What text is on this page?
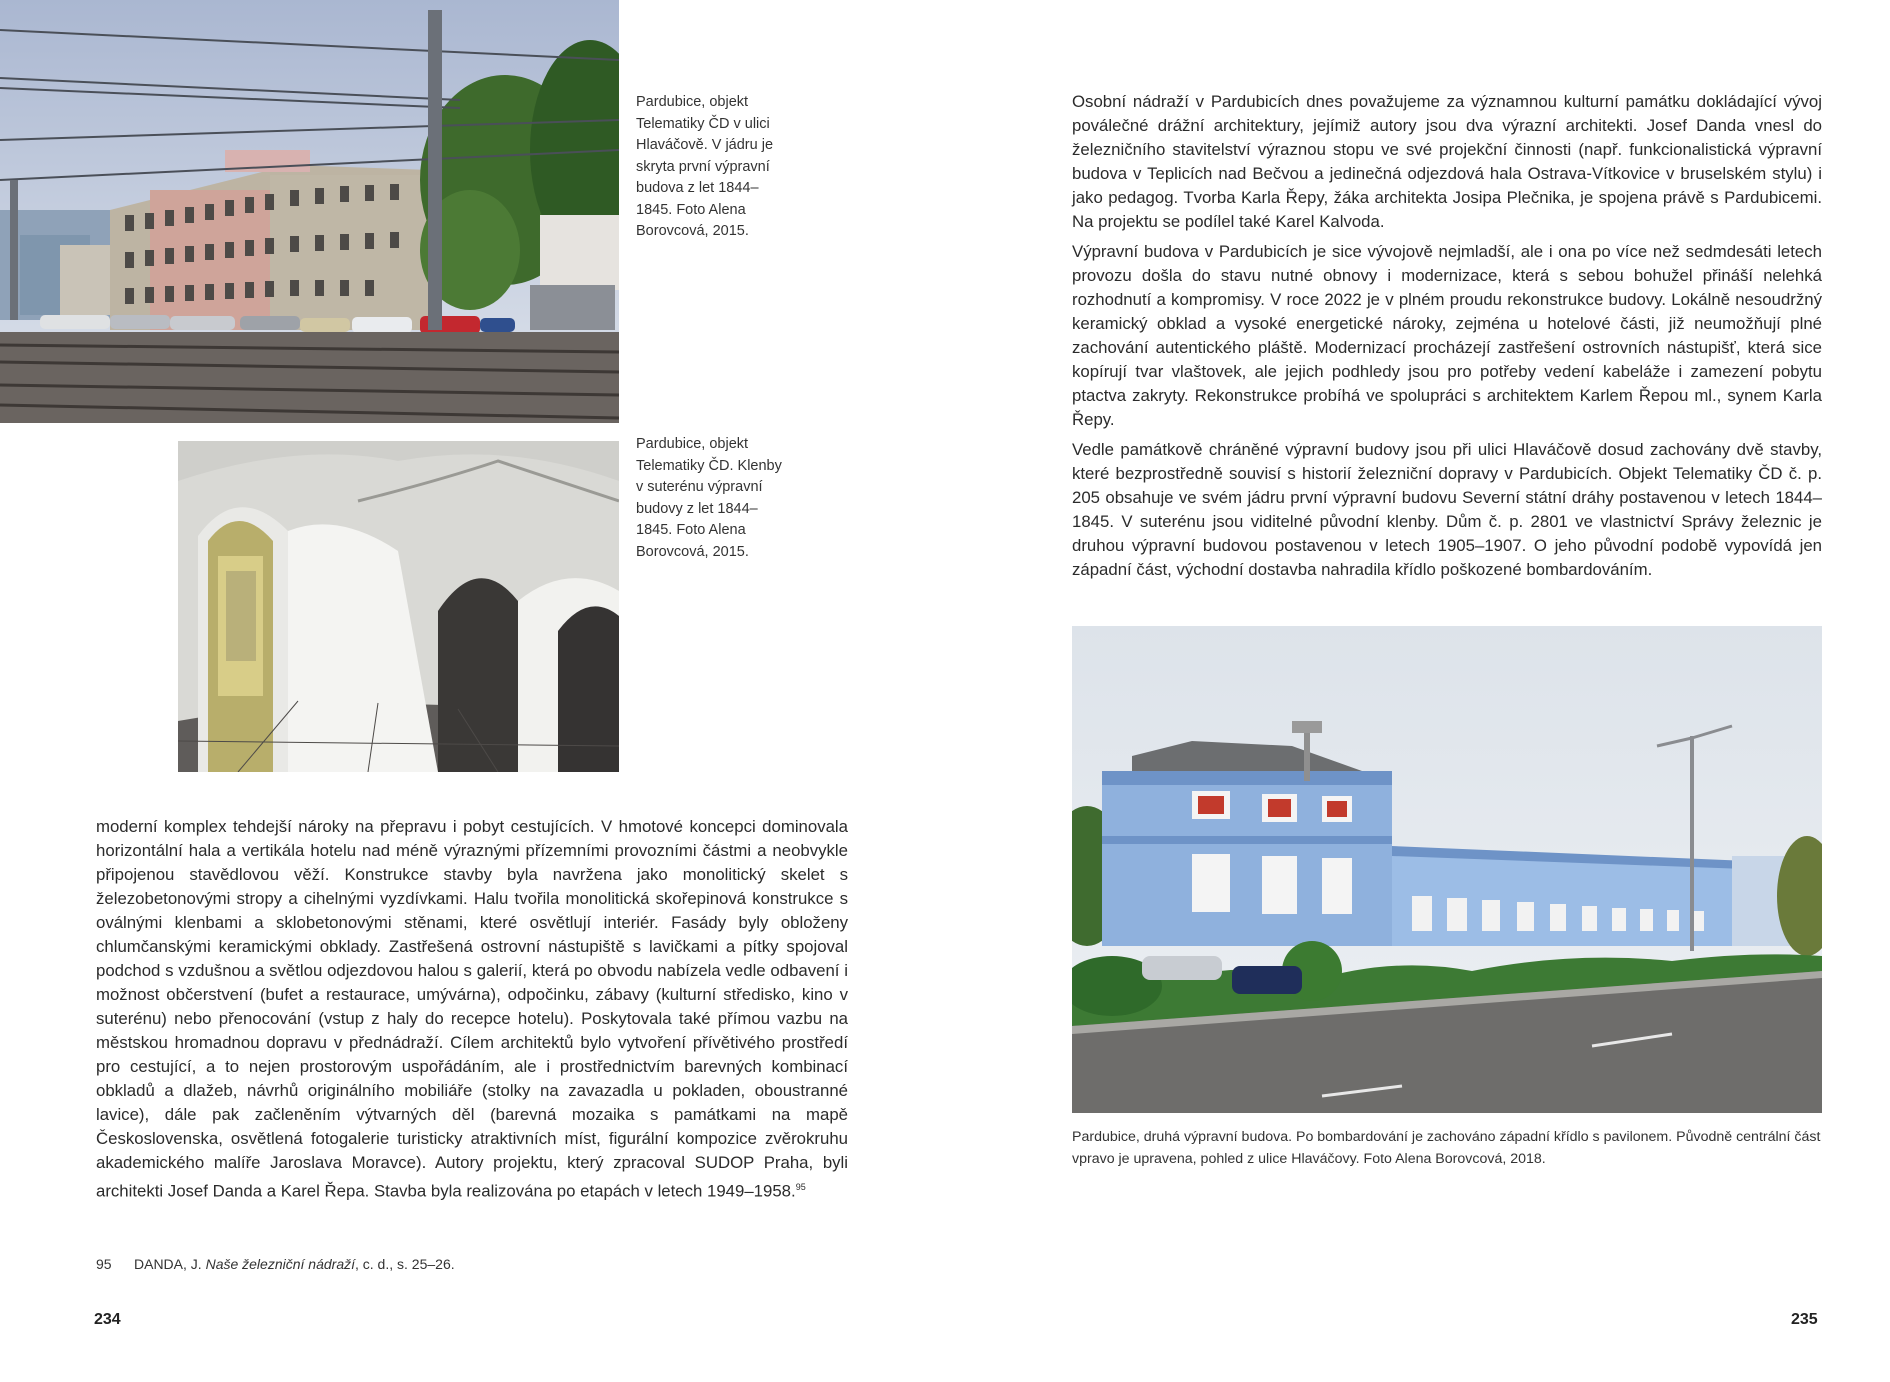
Pardubice, objekt Telematiky ČD v ulici Hlaváčově. V jádru je skryta první výpravní budova z let 1844–1845. Foto Alena Borovcová, 2015.
Pardubice, objekt Telematiky ČD. Klenby v suterénu výpravní budovy z let 1844–1845. Foto Alena Borovcová, 2015.

moderní komplex tehdejší nároky na přepravu i pobyt cestujících. V hmotové koncepci dominovala horizontální hala a vertikála hotelu nad méně výraznými přízemními provozními částmi a neobvykle připojenou stavědlovou věží. Konstrukce stavby byla navržena jako monolitický skelet s železobetonovými stropy a cihelnými vyzdívkami. Halu tvořila monolitická skořepinová konstrukce s oválnými klenbami a sklobetonovými stěnami, které osvětlují interiér. Fasády byly obloženy chlumčanskými keramickými obklady. Zastřešená ostrovní nástupiště s lavičkami a pítky spojoval podchod s vzdušnou a světlou odjezdovou halou s galerií, která po obvodu nabízela vedle odbavení i možnost občerstvení (bufet a restaurace, umývárna), odpočinku, zábavy (kulturní středisko, kino v suterénu) nebo přenocování (vstup z haly do recepce hotelu). Poskytovala také přímou vazbu na městskou hromadnou dopravu v přednádraží. Cílem architektů bylo vytvoření přívětivého prostředí pro cestující, a to nejen prostorovým uspořádáním, ale i prostřednictvím barevných kombinací obkladů a dlažeb, návrhů originálního mobiliáře (stolky na zavazadla u pokladen, oboustranné lavice), dále pak začleněním výtvarných děl (barevná mozaika s památkami na mapě Československa, osvětlená fotogalerie turisticky atraktivních míst, figurální kompozice zvěrokruhu akademického malíře Jaroslava Moravce). Autory projektu, který zpracoval SUDOP Praha, byli architekti Josef Danda a Karel Řepa. Stavba byla realizována po etapách v letech 1949–1958.95

95 DANDA, J. Naše železniční nádraží, c. d., s. 25–26.
234

Osobní nádraží v Pardubicích dnes považujeme za významnou kulturní památku dokládající vývoj poválečné drážní architektury, jejímiž autory jsou dva výrazní architekti. Josef Danda vnesl do železničního stavitelství výraznou stopu ve své projekční činnosti (např. funkcionalistická výpravní budova v Teplicích nad Bečvou a jedinečná odjezdová hala Ostrava-Vítkovice v bruselském stylu) i jako pedagog. Tvorba Karla Řepy, žáka architekta Josipa Plečnika, je spojena právě s Pardubicemi. Na projektu se podílel také Karel Kalvoda.

Výpravní budova v Pardubicích je sice vývojově nejmladší, ale i ona po více než sedmdesáti letech provozu došla do stavu nutné obnovy i modernizace, která s sebou bohužel přináší nelehká rozhodnutí a kompromisy. V roce 2022 je v plném proudu rekonstrukce budovy. Lokálně nesoudržný keramický obklad a vysoké energetické nároky, zejména u hotelové části, již neumožňují plné zachování autentického pláště. Modernizací procházejí zastřešení ostrovních nástupišť, která sice kopírují tvar vlaštovek, ale jejich podhledy jsou pro potřeby vedení kabeláže i zamezení pobytu ptactva zakryty. Rekonstrukce probíhá ve spolupráci s architektem Karlem Řepou ml., synem Karla Řepy.

Vedle památkově chráněné výpravní budovy jsou při ulici Hlaváčově dosud zachovány dvě stavby, které bezprostředně souvisí s historií železniční dopravy v Pardubicích. Objekt Telematiky ČD č. p. 205 obsahuje ve svém jádru první výpravní budovu Severní státní dráhy postavenou v letech 1844–1845. V suterénu jsou viditelné původní klenby. Dům č. p. 2801 ve vlastnictví Správy železnic je druhou výpravní budovou postavenou v letech 1905–1907. O jeho původní podobě vypovídá jen západní část, východní dostavba nahradila křídlo poškozené bombardováním.

Pardubice, druhá výpravní budova. Po bombardování je zachováno západní křídlo s pavilonem. Původně centrální část vpravo je upravena, pohled z ulice Hlaváčovy. Foto Alena Borovcová, 2018.
235
